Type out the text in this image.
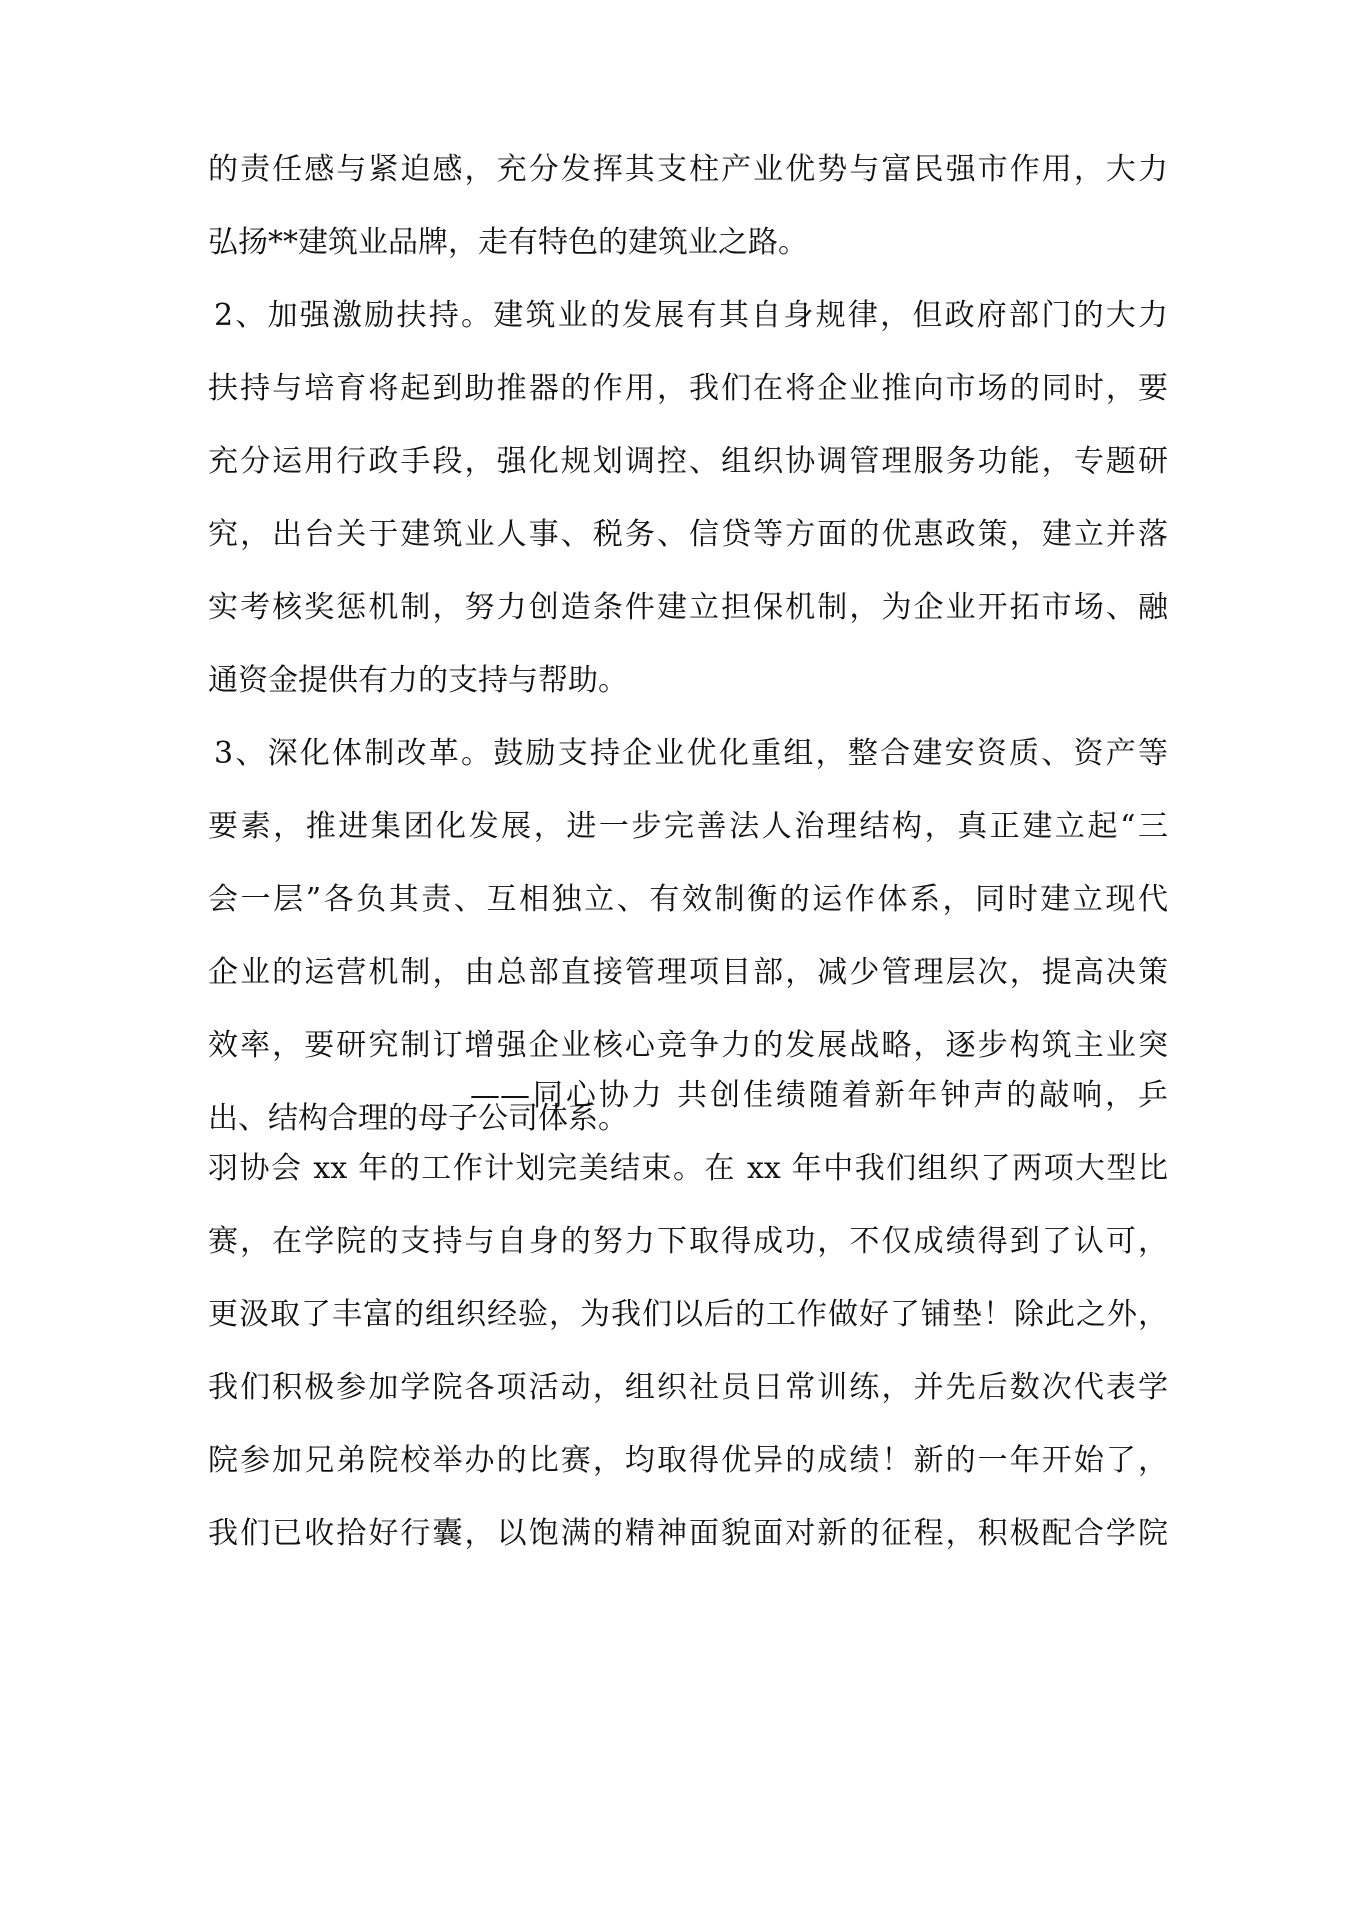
的责任感与紧迫感，充分发挥其支柱产业优势与富民强市作用，大力
弘扬**建筑业品牌，走有特色的建筑业之路。
2、加强激励扶持。建筑业的发展有其自身规律，但政府部门的大力
扶持与培育将起到助推器的作用，我们在将企业推向市场的同时，要
充分运用行政手段，强化规划调控、组织协调管理服务功能，专题研
究，出台关于建筑业人事、税务、信贷等方面的优惠政策，建立并落
实考核奖惩机制，努力创造条件建立担保机制，为企业开拓市场、融
通资金提供有力的支持与帮助。
3、深化体制改革。鼓励支持企业优化重组，整合建安资质、资产等
要素，推进集团化发展，进一步完善法人治理结构，真正建立起“三
会一层”各负其责、互相独立、有效制衡的运作体系，同时建立现代
企业的运营机制，由总部直接管理项目部，减少管理层次，提高决策
效率，要研究制订增强企业核心竞争力的发展战略，逐步构筑主业突
出、结构合理的母子公司体系。
——同心协力 共创佳绩随着新年钟声的敲响，乒
羽协会 xx 年的工作计划完美结束。在 xx 年中我们组织了两项大型比
赛，在学院的支持与自身的努力下取得成功，不仅成绩得到了认可，
更汲取了丰富的组织经验，为我们以后的工作做好了铺垫！除此之外，
我们积极参加学院各项活动，组织社员日常训练，并先后数次代表学
院参加兄弟院校举办的比赛，均取得优异的成绩！新的一年开始了，
我们已收拾好行囊，以饱满的精神面貌面对新的征程，积极配合学院
